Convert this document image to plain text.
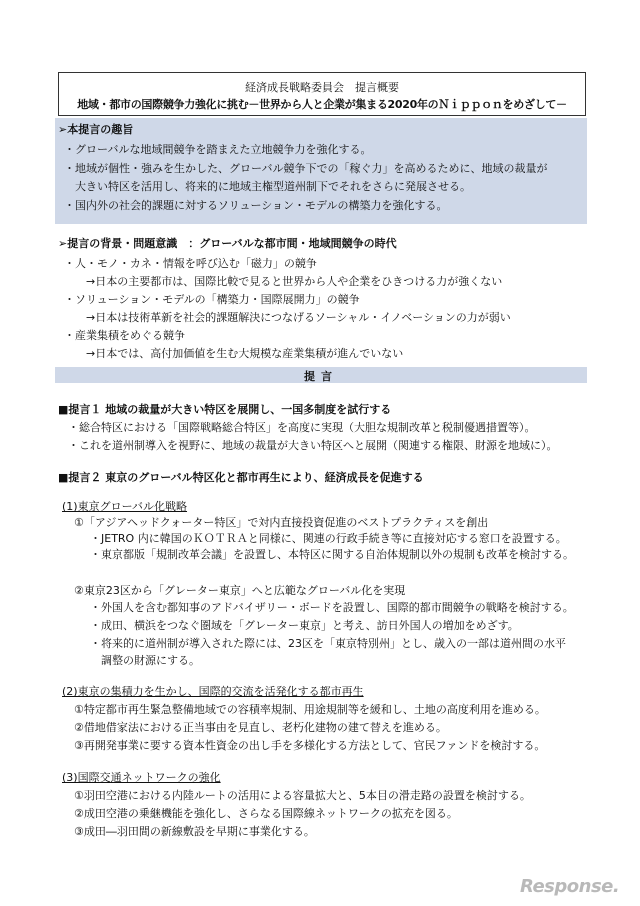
経済成長戦略委員会　提言概要
地域・都市の国際競争力強化に挑む－世界から人と企業が集まる2020年のＮｉｐｐｏｎをめざして－
➢本提言の趣旨
・グローバルな地域間競争を踏まえた立地競争力を強化する。
・地域が個性・強みを生かした、グローバル競争下での「稼ぐ力」を高めるために、地域の裁量が
　大きい特区を活用し、将来的に地域主権型道州制下でそれをさらに発展させる。
・国内外の社会的課題に対するソリューション・モデルの構築力を強化する。
➢提言の背景・問題意識　：グローバルな都市間・地域間競争の時代
・人・モノ・カネ・情報を呼び込む「磁力」の競争
　　→日本の主要都市は、国際比較で見ると世界から人や企業をひきつける力が強くない
・ソリューション・モデルの「構築力・国際展開力」の競争
　　→日本は技術革新を社会的課題解決につなげるソーシャル・イノベーションの力が弱い
・産業集積をめぐる競争
　　→日本では、高付加価値を生む大規模な産業集積が進んでいない
提言
■提言１ 地域の裁量が大きい特区を展開し、一国多制度を試行する
・総合特区における「国際戦略総合特区」を高度に実現（大胆な規制改革と税制優遇措置等）。
・これを道州制導入を視野に、地域の裁量が大きい特区へと展開（関連する権限、財源を地域に）。
■提言２ 東京のグローバル特区化と都市再生により、経済成長を促進する
(1)東京グローバル化戦略
①「アジアヘッドクォーター特区」で対内直接投資促進のベストプラクティスを創出
・JETRO 内に韓国のＫＯＴＲＡと同様に、関連の行政手続き等に直接対応する窓口を設置する。
・東京都版「規制改革会議」を設置し、本特区に関する自治体規制以外の規制も改革を検討する。
②東京23区から「グレーター東京」へと広範なグローバル化を実現
・外国人を含む都知事のアドバイザリー・ボードを設置し、国際的都市間競争の戦略を検討する。
・成田、横浜をつなぐ圏域を「グレーター東京」と考え、訪日外国人の増加をめざす。
・将来的に道州制が導入された際には、23区を「東京特別州」とし、歳入の一部は道州間の水平
　調整の財源にする。
(2)東京の集積力を生かし、国際的交流を活発化する都市再生
①特定都市再生緊急整備地域での容積率規制、用途規制等を緩和し、土地の高度利用を進める。
②借地借家法における正当事由を見直し、老朽化建物の建て替えを進める。
③再開発事業に要する資本性資金の出し手を多様化する方法として、官民ファンドを検討する。
(3)国際交通ネットワークの強化
①羽田空港における内陸ルートの活用による容量拡大と、5本目の滑走路の設置を検討する。
②成田空港の乗継機能を強化し、さらなる国際線ネットワークの拡充を図る。
③成田―羽田間の新線敷設を早期に事業化する。
Response.
